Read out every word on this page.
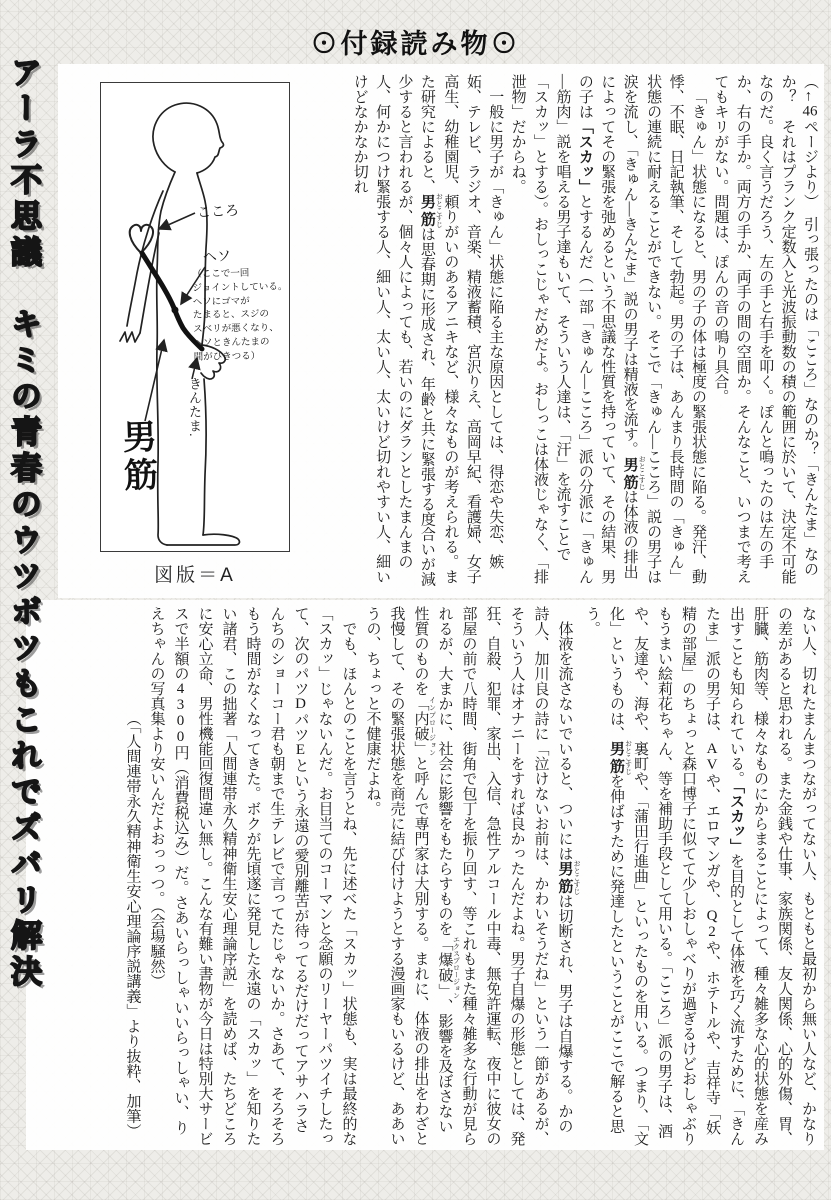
⊙付録読み物⊙
アーラ不思議　キミの青春のウツボツもこれでズバリ解決	こころ
ヘソ
（ここで一回
ジョイントしている。
ヘソにゴマが
たまると、スジの
スベリが悪くなり、
ヘソときんたまの
間がひきつる）
男筋
きんたま.
図版＝A

（←46ページより）　引っ張ったのは「こころ」なのか？「きんたま」なのか？　それはプランク定数入と光波振動数の積の範囲に於いて、決定不可能なのだ。良く言うだろう、左の手と右手を叩く。ぽんと鳴ったのは左の手か、右の手か。両方の手か、両手の間の空間か。そんなこと、いつまで考えてもキリがない。問題は、ぽんの音の鳴り具合。

「きゅん」状態になると、男の子の体は極度の緊張状態に陥る。発汗、動悸、不眠、日記執筆、そして勃起。男の子は、あんまり長時間の「きゅん」状態の連続に耐えることができない。そこで「きゅん―こころ」説の男子は涙を流し、「きゅん―きんたま」説の男子は精液を流す。男筋 おとこすじは体液の排出によってその緊張を弛めるという不思議な性質を持っていて、その結果、男の子は「スカッ」とするんだ（一部「きゅん―こころ」派の分派に「きゅん―筋肉」説を唱える男子達もいて、そういう人達は、「汗」を流すことで「スカッ」とする）。おしっこじゃだめだよ。おしっこは体液じゃなく、「排泄物」だからね。

一般に男子が「きゅん」状態に陥る主な原因としては、得恋や失恋、嫉妬、テレビ、ラジオ、音楽、精液蓄積、宮沢りえ、高岡早紀、看護婦、女子高生、幼稚園児、頼りがいのあるアニキなど、様々なものが考えられる。また研究によると、男筋 おとこすじは思春期に形成され、年齢と共に緊張する度合いが減少すると言われるが、個々人によっても、若いのにダランとしたまんまの人、何かにつけ緊張する人、細い人、太い人、太いけど切れやすい人、細いけどなかなか切れ

ない人、切れたまんまつながってない人、もともと最初から無い人など、かなりの差があると思われる。また金銭や仕事、家族関係、友人関係、心的外傷、胃、肝臓、筋肉等、様々なものにからまることによって、種々雑多な心的状態を産み出すことも知られている。「スカッ」を目的として体液を巧く流すために、「きんたま」派の男子は、AVや、エロマンガや、Q2や、ホテトルや、吉祥寺「妖精の部屋」のちょっと森口博子に似てて少しおしゃべりが過ぎるけどおしゃぶりもうまい絵莉花ちゃん、等を補助手段として用いる。「こころ」派の男子は、酒や、友達や、海や、裏町や、「蒲田行進曲」といったものを用いる。つまり、「文化」というものは、男筋 おとこすじを伸ばすために発達したということがここで解ると思う。

体液を流さないでいると、ついには男筋 おとこすじは切断され、男子は自爆する。かの詩人、加川良の詩に「泣けないお前は、かわいそうだね」という一節があるが、そういう人はオナニーをすれば良かったんだよね。男子自爆の形態としては、発狂、自殺、犯罪、家出、入信、急性アルコール中毒、無免許運転、夜中に彼女の部屋の前で八時間、街角で包丁を振り回す、等これもまた種々雑多な行動が見られるが、大まかに、社会に影響をもたらすものを「爆破」 エクスプロージョン、影響を及ぼさない性質のものを「内破」 インプロージョンと呼んで専門家は大別する。まれに、体液の排出をわざと我慢して、その緊張状態を商売に結び付けようとする漫画家もいるけど、ああいうの、ちょっと不健康だよね。

でも、ほんとのことを言うとね、先に述べた「スカッ」状態も、実は最終的な「スカッ」じゃないんだ。お目当てのコーマンと念願のリーヤーパツイチしたって、次のパツDパツEという永遠の愛別離苦が待ってるだけだってアサハラさんちのショーコー君も朝まで生テレビで言ってたじゃないか。さあて、そろそろもう時間がなくなってきた。ボクが先頃遂に発見した永遠の「スカッ」を知りたい諸君、この拙著「人間連帯永久精神衛生安心理論序説」を読めば、たちどころに安心立命、男性機能回復間違い無し。こんな有難い書物が今日は特別大サービスで半額の4300円（消費税込み）だ。さあいらっしゃいいらっしゃい、りえちゃんの写真集より安いんだよおっっつ。（会場騒然）

（「人間連帯永久精神衛生安心理論序説講義」より抜粋、加筆）
